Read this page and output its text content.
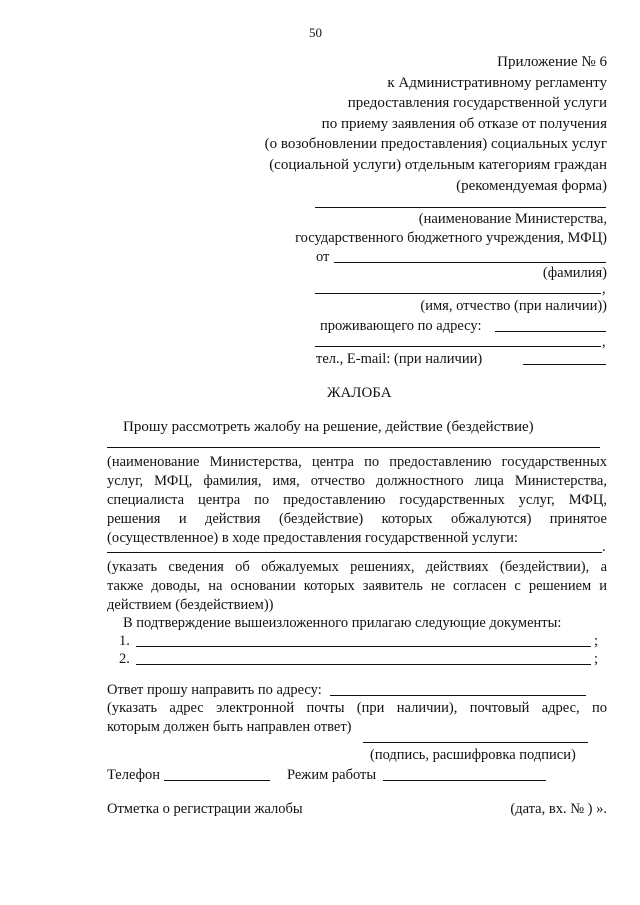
50
Приложение № 6
к Административному регламенту
предоставления государственной услуги
по приему заявления об отказе от получения
(о возобновлении предоставления) социальных услуг
(социальной услуги) отдельным категориям граждан
(рекомендуемая форма)
(наименование Министерства,
государственного бюджетного учреждения, МФЦ)
от
(фамилия)
,
(имя, отчество (при наличии))
проживающего по адресу:
,
тел., E-mail: (при наличии)
ЖАЛОБА
Прошу рассмотреть жалобу на решение, действие (бездействие)
(наименование Министерства, центра по предоставлению государственных
услуг, МФЦ, фамилия, имя, отчество должностного лица Министерства,
специалиста центра по предоставлению государственных услуг, МФЦ,
решения и действия (бездействие) которых обжалуются) принятое
(осуществленное) в ходе предоставления государственной услуги:
.
(указать сведения об обжалуемых решениях, действиях (бездействии), а
также доводы, на основании которых заявитель не согласен с решением и
действием (бездействием))
В подтверждение вышеизложенного прилагаю следующие документы:
1.	;
2.	;
Ответ прошу направить по адресу:
(указать адрес электронной почты (при наличии), почтовый адрес, по
которым должен быть направлен ответ)
(подпись, расшифровка подписи)
Телефон	Режим работы
Отметка о регистрации жалобы	(дата, вх. № ) ».
